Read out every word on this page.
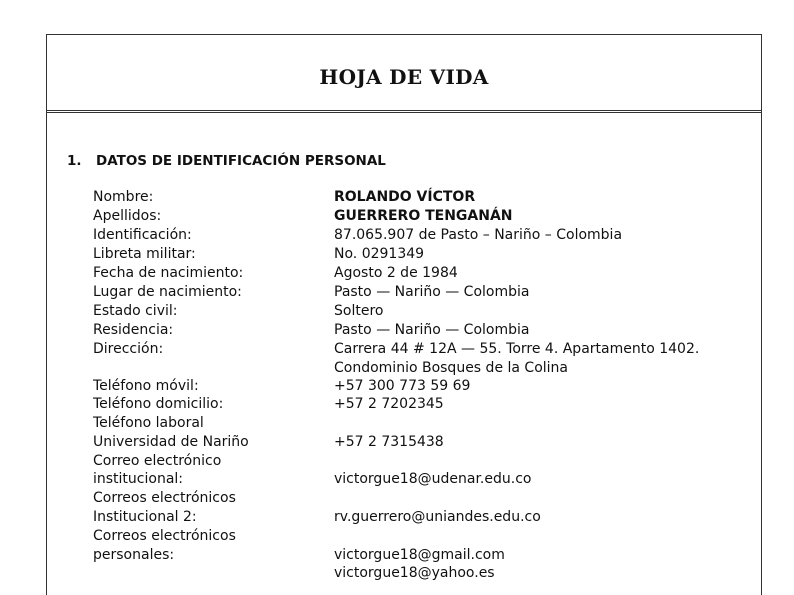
HOJA DE VIDA
1. DATOS DE IDENTIFICACIÓN PERSONAL
Nombre:	ROLANDO VÍCTOR
Apellidos:	GUERRERO TENGANÁN
Identificación:	87.065.907 de Pasto – Nariño – Colombia
Libreta militar:	No. 0291349
Fecha de nacimiento:	Agosto 2 de 1984
Lugar de nacimiento:	Pasto — Nariño — Colombia
Estado civil:	Soltero
Residencia:	Pasto — Nariño — Colombia
Dirección:	Carrera 44 # 12A — 55. Torre 4. Apartamento 1402.
Condominio Bosques de la Colina
Teléfono móvil:	+57 300 773 59 69
Teléfono domicilio:	+57 2 7202345
Teléfono laboral
Universidad de Nariño	+57 2 7315438
Correo electrónico
institucional:	victorgue18@udenar.edu.co
Correos electrónicos
Institucional 2:	rv.guerrero@uniandes.edu.co
Correos electrónicos
personales:	victorgue18@gmail.com
victorgue18@yahoo.es
